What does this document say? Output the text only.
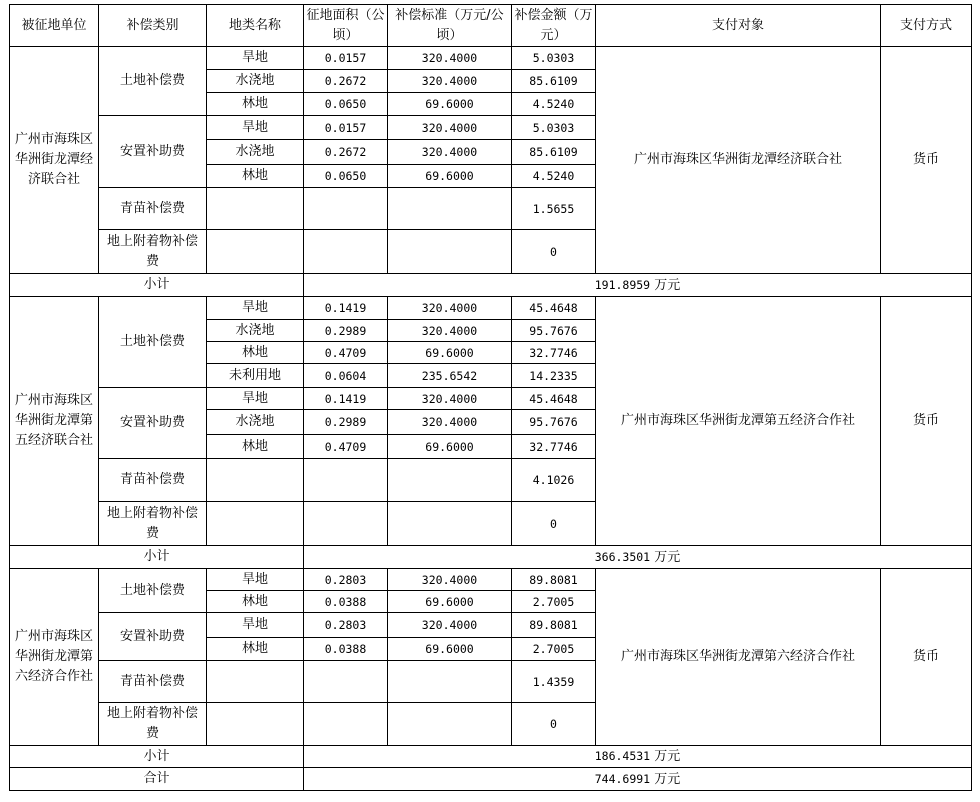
被征地单位	补偿类别	地类名称	征地面积（公顷）	补偿标准（万元/公顷）	补偿金额（万元）	支付对象	支付方式
广州市海珠区华洲街龙潭经济联合社	土地补偿费	旱地	0.0157	320.4000	5.0303	广州市海珠区华洲街龙潭经济联合社	货币
		水浇地	0.2672	320.4000	85.6109		
		林地	0.0650	69.6000	4.5240		
	安置补助费	旱地	0.0157	320.4000	5.0303		
		水浇地	0.2672	320.4000	85.6109		
		林地	0.0650	69.6000	4.5240		
	青苗补偿费				1.5655		
	地上附着物补偿费				0		
小计			191.8959 万元				
广州市海珠区华洲街龙潭第五经济联合社	土地补偿费	旱地	0.1419	320.4000	45.4648	广州市海珠区华洲街龙潭第五经济合作社	货币
		水浇地	0.2989	320.4000	95.7676		
		林地	0.4709	69.6000	32.7746		
		未利用地	0.0604	235.6542	14.2335		
	安置补助费	旱地	0.1419	320.4000	45.4648		
		水浇地	0.2989	320.4000	95.7676		
		林地	0.4709	69.6000	32.7746		
	青苗补偿费				4.1026		
	地上附着物补偿费				0		
小计			366.3501 万元				
广州市海珠区华洲街龙潭第六经济合作社	土地补偿费	旱地	0.2803	320.4000	89.8081	广州市海珠区华洲街龙潭第六经济合作社	货币
		林地	0.0388	69.6000	2.7005		
	安置补助费	旱地	0.2803	320.4000	89.8081		
		林地	0.0388	69.6000	2.7005		
	青苗补偿费				1.4359		
	地上附着物补偿费				0		
小计			186.4531 万元				
合计			744.6991 万元				
